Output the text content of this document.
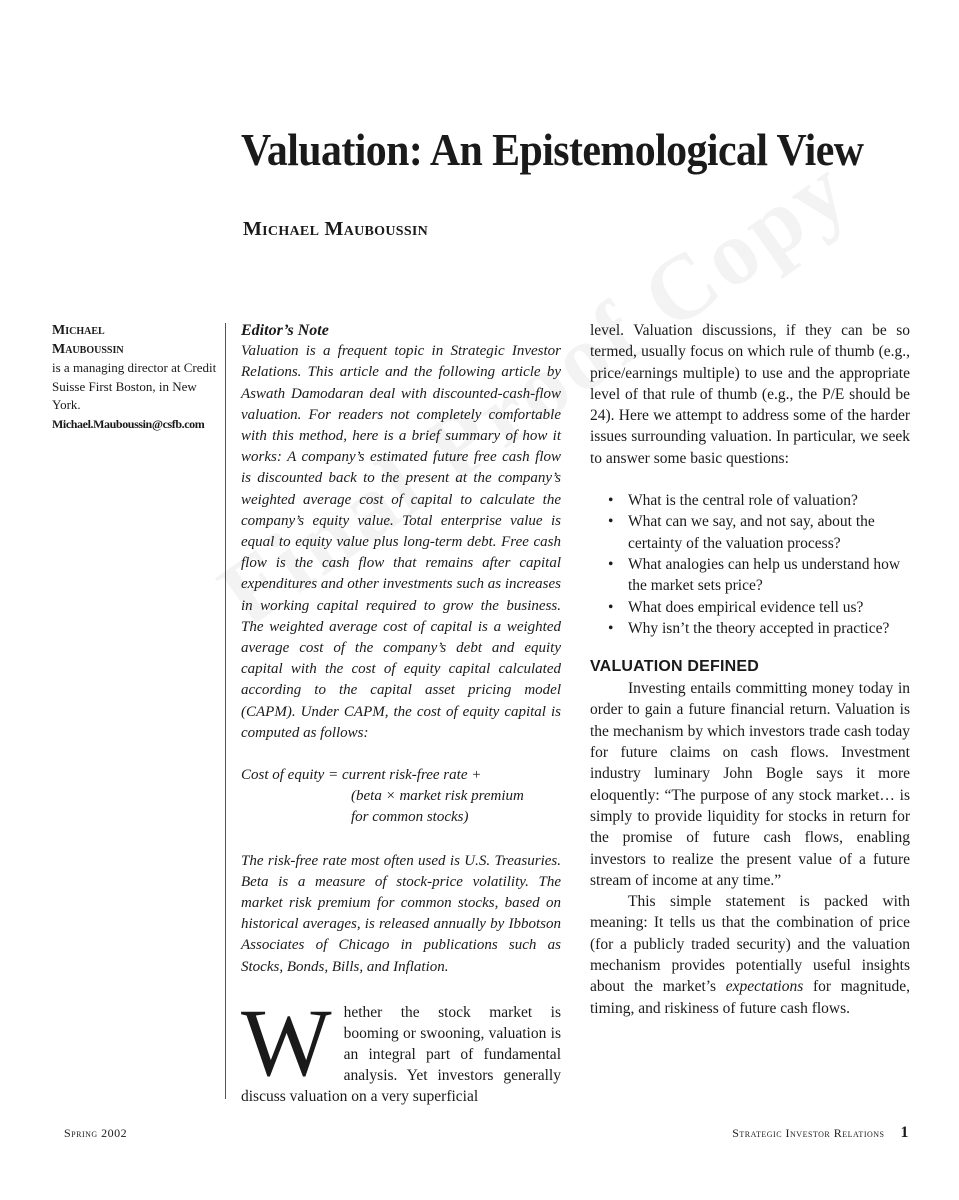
Valuation: An Epistemological View
Michael Mauboussin
Michael Mauboussin
is a managing director at Credit Suisse First Boston, in New York.
Michael.Mauboussin@csfb.com
Editor’s Note

Valuation is a frequent topic in Strategic Investor Relations. This article and the following article by Aswath Damodaran deal with discounted-cash-flow valuation. For readers not completely comfortable with this method, here is a brief summary of how it works: A company’s estimated future free cash flow is discounted back to the present at the company’s weighted average cost of capital to calculate the company’s equity value. Total enterprise value is equal to equity value plus long-term debt. Free cash flow is the cash flow that remains after capital expenditures and other investments such as increases in working capital required to grow the business. The weighted average cost of capital is a weighted average cost of the company’s debt and equity capital with the cost of equity capital calculated according to the capital asset pricing model (CAPM). Under CAPM, the cost of equity capital is computed as follows:

Cost of equity = current risk-free rate +
(beta × market risk premium
for common stocks)

The risk-free rate most often used is U.S. Treasuries. Beta is a measure of stock-price volatility. The market risk premium for common stocks, based on historical averages, is released annually by Ibbotson Associates of Chicago in publications such as Stocks, Bonds, Bills, and Inflation.

Whether the stock market is booming or swooning, valuation is an integral part of fundamental analysis. Yet investors generally discuss valuation on a very superficial

level. Valuation discussions, if they can be so termed, usually focus on which rule of thumb (e.g., price/earnings multiple) to use and the appropriate level of that rule of thumb (e.g., the P/E should be 24). Here we attempt to address some of the harder issues surrounding valuation. In particular, we seek to answer some basic questions:

• What is the central role of valuation?
• What can we say, and not say, about the certainty of the valuation process?
• What analogies can help us understand how the market sets price?
• What does empirical evidence tell us?
• Why isn’t the theory accepted in practice?
VALUATION DEFINED

Investing entails committing money today in order to gain a future financial return. Valuation is the mechanism by which investors trade cash today for future claims on cash flows. Investment industry luminary John Bogle says it more eloquently: “The purpose of any stock market… is simply to provide liquidity for stocks in return for the promise of future cash flows, enabling investors to realize the present value of a future stream of income at any time.”

This simple statement is packed with meaning: It tells us that the combination of price (for a publicly traded security) and the valuation mechanism provides potentially useful insights about the market’s expectations for magnitude, timing, and riskiness of future cash flows.

Spring 2002	Strategic Investor Relations 1
